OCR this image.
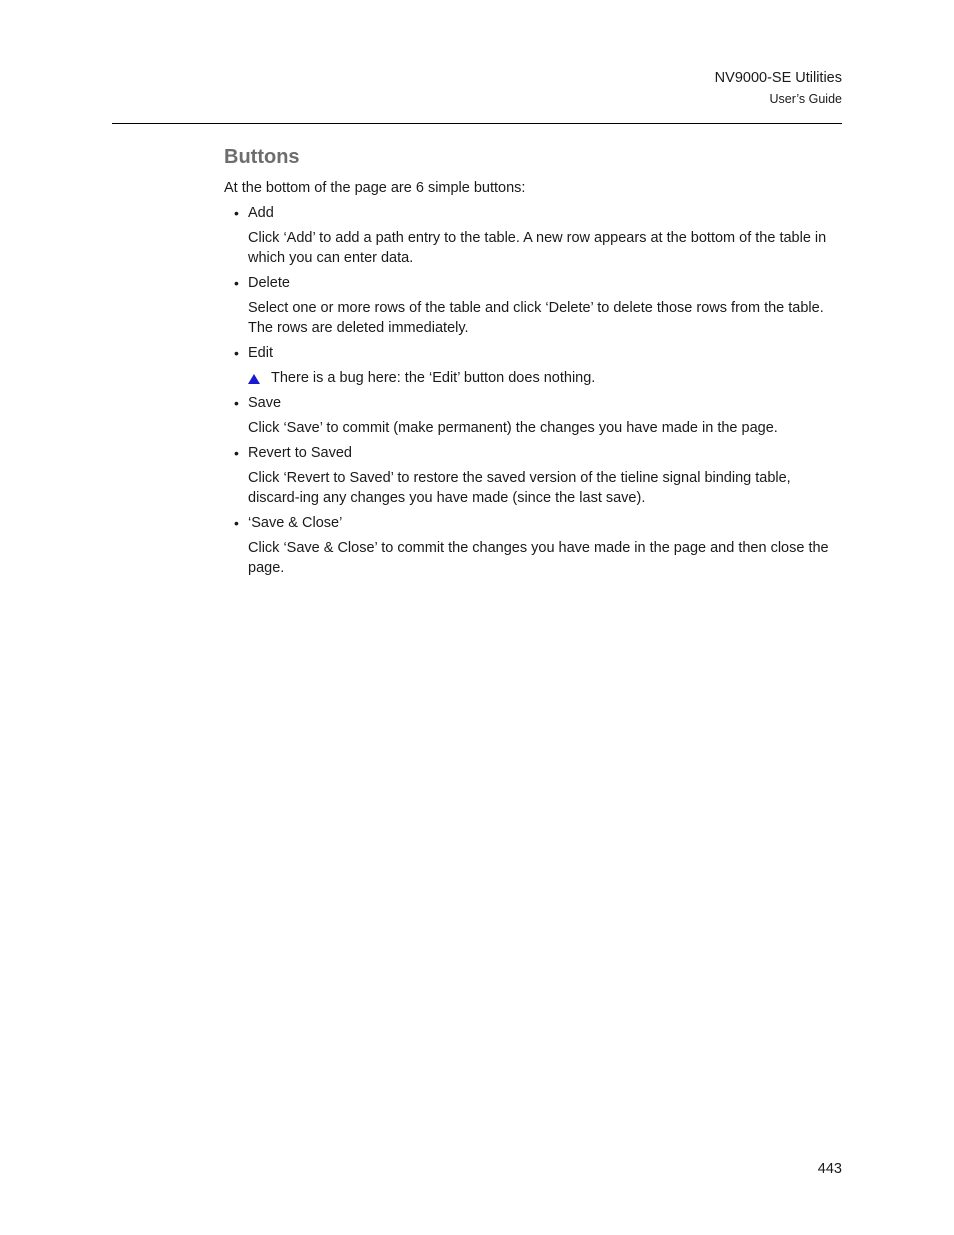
NV9000-SE Utilities
User’s Guide
Buttons

At the bottom of the page are 6 simple buttons:

• Add

Click ‘Add’ to add a path entry to the table. A new row appears at the bottom of the table in which you can enter data.

• Delete

Select one or more rows of the table and click ‘Delete’ to delete those rows from the table. The rows are deleted immediately.

• Edit
There is a bug here: the ‘Edit’ button does nothing.
• Save

Click ‘Save’ to commit (make permanent) the changes you have made in the page.

• Revert to Saved

Click ‘Revert to Saved’ to restore the saved version of the tieline signal binding table, discard-ing any changes you have made (since the last save).

• ‘Save & Close’

Click ‘Save & Close’ to commit the changes you have made in the page and then close the page.

443
